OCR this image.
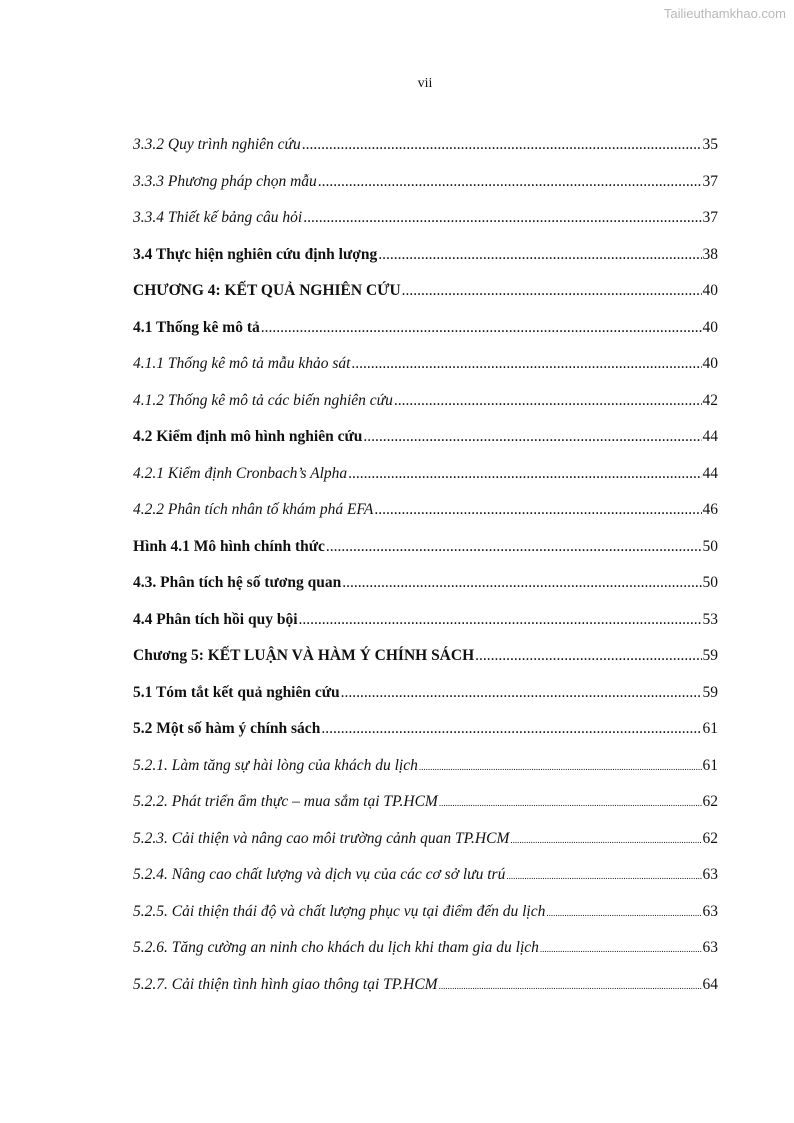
Tailieuthamkhao.com
vii
3.3.2 Quy trình nghiên cứu .....	35
3.3.3 Phương pháp chọn mẫu .....	37
3.3.4 Thiết kế bảng câu hỏi .....	37
3.4 Thực hiện nghiên cứu định lượng .....	38
CHƯƠNG 4: KẾT QUẢ NGHIÊN CỨU .....	40
4.1 Thống kê mô tả .....	40
4.1.1 Thống kê mô tả mẫu khảo sát .....	40
4.1.2 Thống kê mô tả các biến nghiên cứu .....	42
4.2 Kiểm định mô hình nghiên cứu .....	44
4.2.1 Kiểm định Cronbach’s Alpha .....	44
4.2.2 Phân tích nhân tố khám phá EFA .....	46
Hình 4.1 Mô hình chính thức .....	50
4.3. Phân tích hệ số tương quan .....	50
4.4 Phân tích hồi quy bội .....	53
Chương 5: KẾT LUẬN VÀ HÀM Ý CHÍNH SÁCH .....	59
5.1 Tóm tắt kết quả nghiên cứu .....	59
5.2 Một số hàm ý chính sách .....	61
5.2.1. Làm tăng sự hài lòng của khách du lịch .....	61
5.2.2. Phát triển ẩm thực – mua sắm tại TP.HCM .....	62
5.2.3. Cải thiện và nâng cao môi trường cảnh quan TP.HCM .....	62
5.2.4. Nâng cao chất lượng và dịch vụ của các cơ sở lưu trú .....	63
5.2.5. Cải thiện thái độ và chất lượng phục vụ tại điểm đến du lịch .....	63
5.2.6. Tăng cường an ninh cho khách du lịch khi tham gia du lịch .....	63
5.2.7. Cải thiện tình hình giao thông tại TP.HCM .....	64
